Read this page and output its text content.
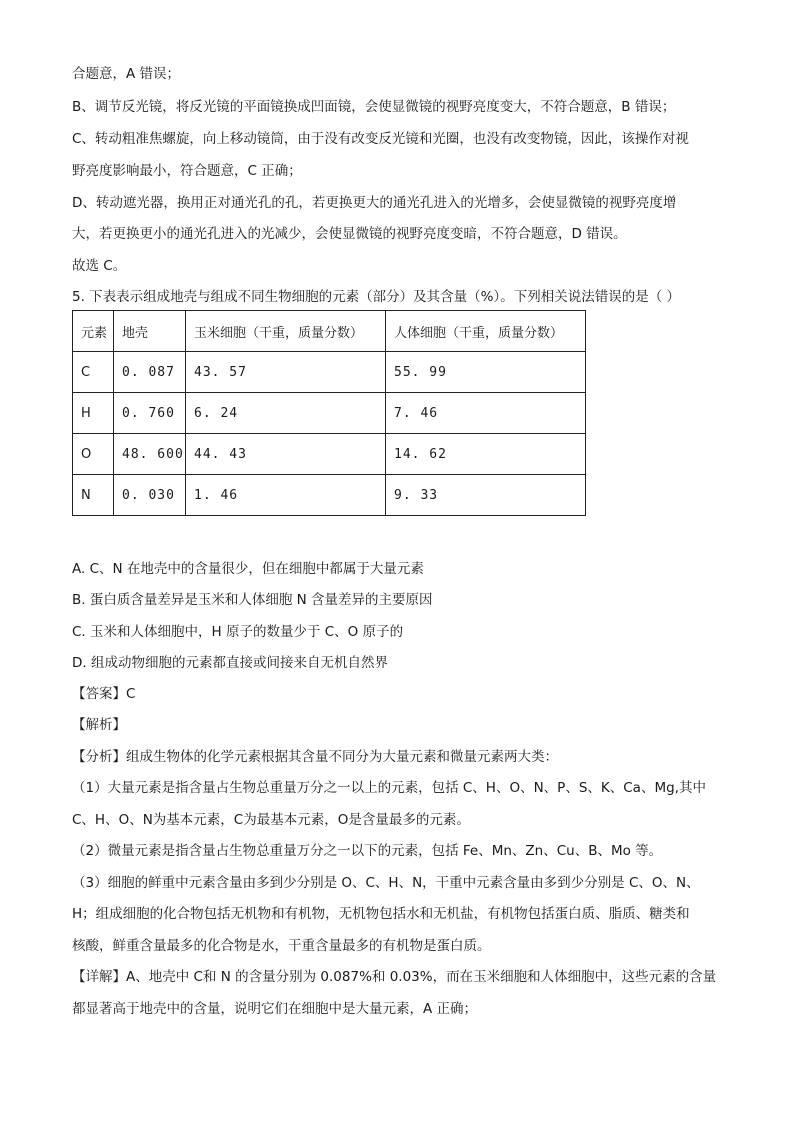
合题意，A 错误；
B、调节反光镜，将反光镜的平面镜换成凹面镜，会使显微镜的视野亮度变大，不符合题意，B 错误；
C、转动粗准焦螺旋，向上移动镜筒，由于没有改变反光镜和光圈，也没有改变物镜，因此，该操作对视
野亮度影响最小，符合题意，C 正确；
D、转动遮光器，换用正对通光孔的孔，若更换更大的通光孔进入的光增多，会使显微镜的视野亮度增
大，若更换更小的通光孔进入的光减少，会使显微镜的视野亮度变暗，不符合题意，D 错误。
故选 C。
5. 下表表示组成地壳与组成不同生物细胞的元素（部分）及其含量（%）。下列相关说法错误的是（ ）
元素	地壳	玉米细胞（干重，质量分数）	人体细胞（干重，质量分数）
C	0. 087	43. 57	55. 99
H	0. 760	6. 24	7. 46
O	48. 600	44. 43	14. 62
N	0. 030	1. 46	9. 33
A. C、N 在地壳中的含量很少，但在细胞中都属于大量元素
B. 蛋白质含量差异是玉米和人体细胞 N 含量差异的主要原因
C. 玉米和人体细胞中，H 原子的数量少于 C、O 原子的
D. 组成动物细胞的元素都直接或间接来自无机自然界
【答案】C
【解析】
【分析】组成生物体的化学元素根据其含量不同分为大量元素和微量元素两大类：
（1）大量元素是指含量占生物总重量万分之一以上的元素，包括 C、H、O、N、P、S、K、Ca、Mg,其中
C、H、O、N为基本元素，C为最基本元素，O是含量最多的元素。
（2）微量元素是指含量占生物总重量万分之一以下的元素，包括 Fe、Mn、Zn、Cu、B、Mo 等。
（3）细胞的鲜重中元素含量由多到少分别是 O、C、H、N，干重中元素含量由多到少分别是 C、O、N、
H；组成细胞的化合物包括无机物和有机物，无机物包括水和无机盐，有机物包括蛋白质、脂质、糖类和
核酸，鲜重含量最多的化合物是水，干重含量最多的有机物是蛋白质。
【详解】A、地壳中 C和 N 的含量分别为 0.087%和 0.03%，而在玉米细胞和人体细胞中，这些元素的含量
都显著高于地壳中的含量，说明它们在细胞中是大量元素，A 正确；
